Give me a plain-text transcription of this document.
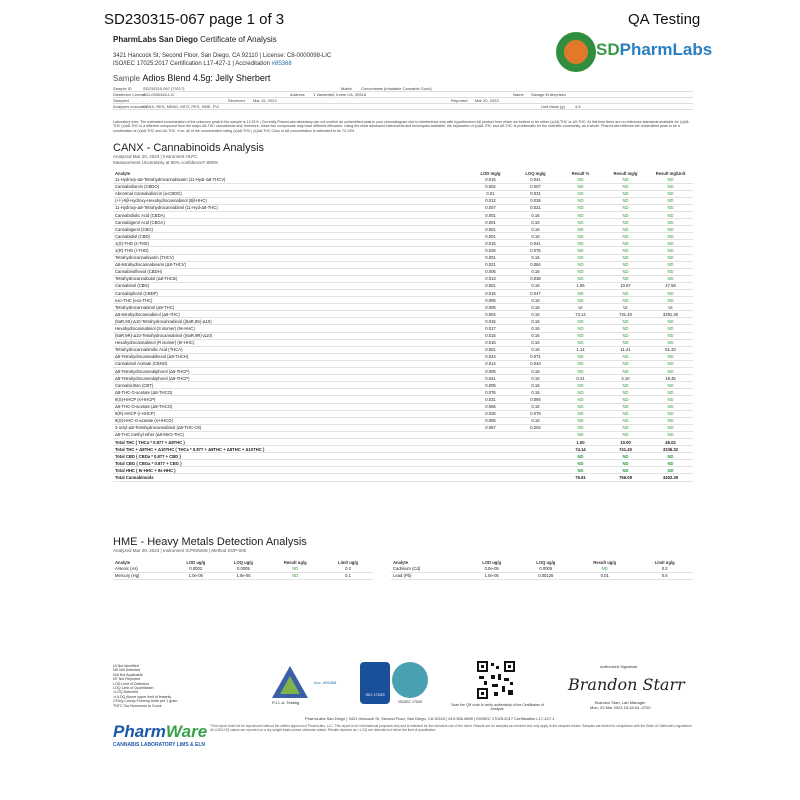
SD230315-067 page 1 of 3	QA Testing
PharmLabs San Diego Certificate of Analysis
3421 Hancock St, Second Floor, San Diego, CA 92110 | License: C8-0000098-LIC
ISO/IEC 17025:2017 Certification L17-427-1 | Accreditation #85368
SDPharmLabs
Sample Adios Blend 4.5g: Jelly Sherbert
Sample ID	SD230315-067 (70117)	Matrix Concentrate (Inhalable Cannabis Good)
Distributor License
C11-0000462-LIC	Address 1 Vanderbilt, Irvine CA, 92618	Name Savage Enterprises
Sampled	-	Received Mar 15, 2023	Reported Mar 20, 2023
Analyses executed
CANX, RES, MIBIG, MTO, PES, HME, FVI	Unit Mass (g)	4.5
Laboratory note: The estimated concentration of the unknown peak in the sample is 12.51% | Currently PharmLabs laboratory can not confirm an unidentified peak in your chromatogram due to interference only with hypothesized Δ8 product from which we believe to be either (x)Δ8-THC or Δ9-THC. At this time there are no reference standards available for (x)Δ8-THC (x)Δ8-THC is a different compound from the major Δ8-THC cannabinoid and, therefore, these two compounds may have different efficacies. Using the most advanced instruments and techniques available, the separation of (x)Δ8-THC and Δ9-THC is problematic for the scientific community, as a whole. PharmLabs believes the unidentified peak to be a combination of (x)Δ8-THC and Δ9-THC. If so, all of the concentration being (x)Δ8-THC | (x)Δ8-THC Conc of Δ8 concentration is estimated to be 73.14%
CANX - Cannabinoids Analysis
Analyzed Mar 20, 2023 | Instrument HLPC
Measurement Uncertainty at 95% confidence7.806%
Analyte	LOD mg/g	LOQ mg/g	Result %	Result mg/g	Result mg/Unit
11-Hydroxy-Δ8-Tetrahydrocannabivarin (11-Hydr-Δ8-THCV)	0.015	0.041	ND	ND	ND
Cannabidiorcin (CBDO)	0.002	0.007	ND	ND	ND
Abnormal Cannabidiorcin (a-CBDO)	0.01	0.031	ND	ND	ND
(+/-)-9β-Hydroxy-Hexahydrocannabinol (9β-HHC)	0.012	0.036	ND	ND	ND
11-Hydroxy-Δ8-Tetrahydrocannabinol (11-Hyd-Δ8-THC)	0.007	0.021	ND	ND	ND
Cannabidiolic Acid (CBDA)	0.001	0.16	ND	ND	ND
Cannabigerol Acid (CBGA)	0.001	0.16	ND	ND	ND
Cannabigerol (CBG)	0.001	0.16	ND	ND	ND
Cannabidiol (CBD)	0.001	0.16	ND	ND	ND
1(S)-THD (s-THD)	0.015	0.041	ND	ND	ND
1(R)-THD (r-THD)	0.025	0.075	ND	ND	ND
Tetrahydrocannabivarin (THCV)	0.001	0.16	ND	ND	ND
Δ8-tetrahydrocannabivarin (Δ8-THCV)	0.021	0.064	ND	ND	ND
Cannabinolhexol (CBDH)	0.005	0.16	ND	ND	ND
Tetrahydrocannabutol (Δ8-THCB)	0.013	0.038	ND	ND	ND
Cannabinol (CBN)	0.001	0.16	1.06	10.57	47.58
Cannabiphorol (CBDP)	0.015	0.047	ND	ND	ND
exo-THC (exo-THC)	0.005	0.16	ND	ND	ND
Tetrahydrocannabinol (Δ9-THC)	0.005	0.16	UI	UI	UI
Δ8-tetrahydrocannabinol (Δ8-THC)	0.004	0.16	73.14	731.40	3291.30
(6aR,9S)-Δ10-Tetrahydrocannabinol ((6aR,9S)-Δ10)	0.015	0.16	ND	ND	ND
Hexahydrocannabinol (S isomer) (9s-HHC)	0.017	0.16	ND	ND	ND
(6aR,9R)-Δ10-Tetrahydrocannabinol ((6aR,9R)-Δ10)	0.015	0.16	ND	ND	ND
Hexahydrocannabinol (R isomer) (9r-HHC)	0.016	0.16	ND	ND	ND
Tetrahydrocannabinolic Acid (THCA)	0.001	0.16	1.14	11.41	51.33
Δ9-Tetrahydrocannabihexol (Δ9-THCH)	0.024	0.071	ND	ND	ND
Cannabinol Acetate (CBNO)	0.014	0.043	ND	ND	ND
Δ9-Tetrahydrocannabiphorol (Δ9-THCP)	0.005	0.16	ND	ND	ND
Δ8-Tetrahydrocannabiphorol (Δ8-THCP)	0.041	0.16	0.41	4.10	18.45
Cannabicitran (CBT)	0.005	0.16	ND	ND	ND
Δ8-THC-O-acetate (Δ8-THCO)	0.076	0.16	ND	ND	ND
9(S)-HHCP (s-HHCP)	0.031	0.094	ND	ND	ND
Δ9-THC-O-acetate (Δ9-THCO)	0.066	0.16	ND	ND	ND
9(R)-HHCP (r-HHCP)	0.026	0.079	ND	ND	ND
9(S)-HHC-O-acetate (s-HHCO)	0.005	0.16	ND	ND	ND
3-octyl-Δ8-Tetrahydrocannabinol (Δ8-THC-C8)	0.067	0.204	ND	ND	ND
Δ8-THC methyl ether (Δ8-MeO-THC)			ND	ND	ND
Total THC ( THCa * 0.877 + Δ9THC )			1.00	10.00	45.02
Total THC + Δ8THC + Δ10THC ( THCa * 0.877 + Δ9THC + Δ8THC + Δ10THC )			74.14	741.40	3336.32
Total CBD ( CBDa * 0.877 + CBD )			ND	ND	ND
Total CBG ( CBGa * 0.877 + CBG )			ND	ND	ND
Total HHC ( 9r-HHC + 9s-HHC )			ND	ND	ND
Total Cannabinoids			75.61	756.08	3402.35
HME - Heavy Metals Detection Analysis
Analyzed Mar 20, 2023 | Instrument ICP/MSMS | Method SOP-005
Analyte	LOD ug/g	LOQ ug/g	Result ug/g	Limit ug/g
Arsenic (As)	0.0002	0.0005	ND	0.2
Mercury (Hg)	1.0e-05	1.0e-05	ND	0.1
Analyte	LOD ug/g	LOQ ug/g	Result ug/g	Limit ug/g
Cadmium (Cd)	3.0e-05	0.0005	ND	0.2
Lead (Pb)	1.0e-05	0.00125	0.01	0.5
UI Not Identified
ND Not Detected
N/A Not Applicable
NT Not Reported
LOD Limit of Detection
LOQ Limit of Quantitation
<LOQ Detected
>ULOQ Above upper limit of linearity
CFU/g Colony Forming Units per 1 gram
TNTC Too Numerous to Count
P.J.L.A. Testing
Acc. #95368
ISO 17025
ISO/IEC 17025
Scan the QR code to verify authenticity of the Certificates of Analysis.
Authorized Signature
Brandon Starr
Brandon Starr, Lab Manager
Mon, 20 Mar 2023 15:18:04 -0700
PharmLabs San Diego | 3421 Hancock St, Second Floor, San Diego, CA 92110 | 619.356.0899 | ISO/IEC 17025:2017 Certification L17-427-1
*This report shall not be reproduced without the written approval of PharmLabs, LLC. This report is for informational purposes only and is intended for the exclusive use of the client. Results are for samples as received and only apply to the samples tested. Samples are tested for compliance with the State of California's regulations. All LOD/LOQ values are reported on a dry-weight basis unless otherwise stated. Results reported as < LOQ are detected but below the limit of quantitation.
PharmWare
CANNABIS LABORATORY LIMS & ELN
